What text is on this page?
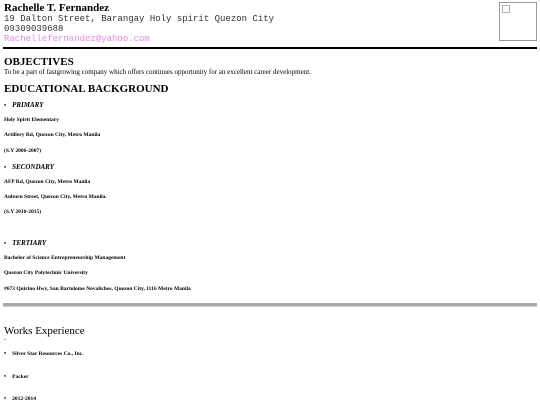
Rachelle T. Fernandez
19 Dalton Street, Barangay Holy spirit Quezon City
09309039688
Rachellefernandez@yahoo.com
OBJECTIVES
To be a part of fastgrowing company which offers continues opportunity for an excellent career development.
EDUCATIONAL BACKGROUND
• PRIMARY
Holy Spirit Elementary
Artillery Rd, Quezon City, Metro Manila
(S.Y 2006-2007)
• SECONDARY
AFP Rd, Quezon City, Metro Manila
Auburn Street, Quezon City, Metro Manila.
(S.Y 2010-2015)
• TERTIARY
Bachelor of Science Entrepreneurship Management
Quezon City Polytechnic University
#673 Quirino Hwy, San Bartolome Novaliches, Quezon City, 1116 Metro Manila
Works Experience
-
• Silver Star Resources Co., Inc.
• Packer
• 2012-2014
